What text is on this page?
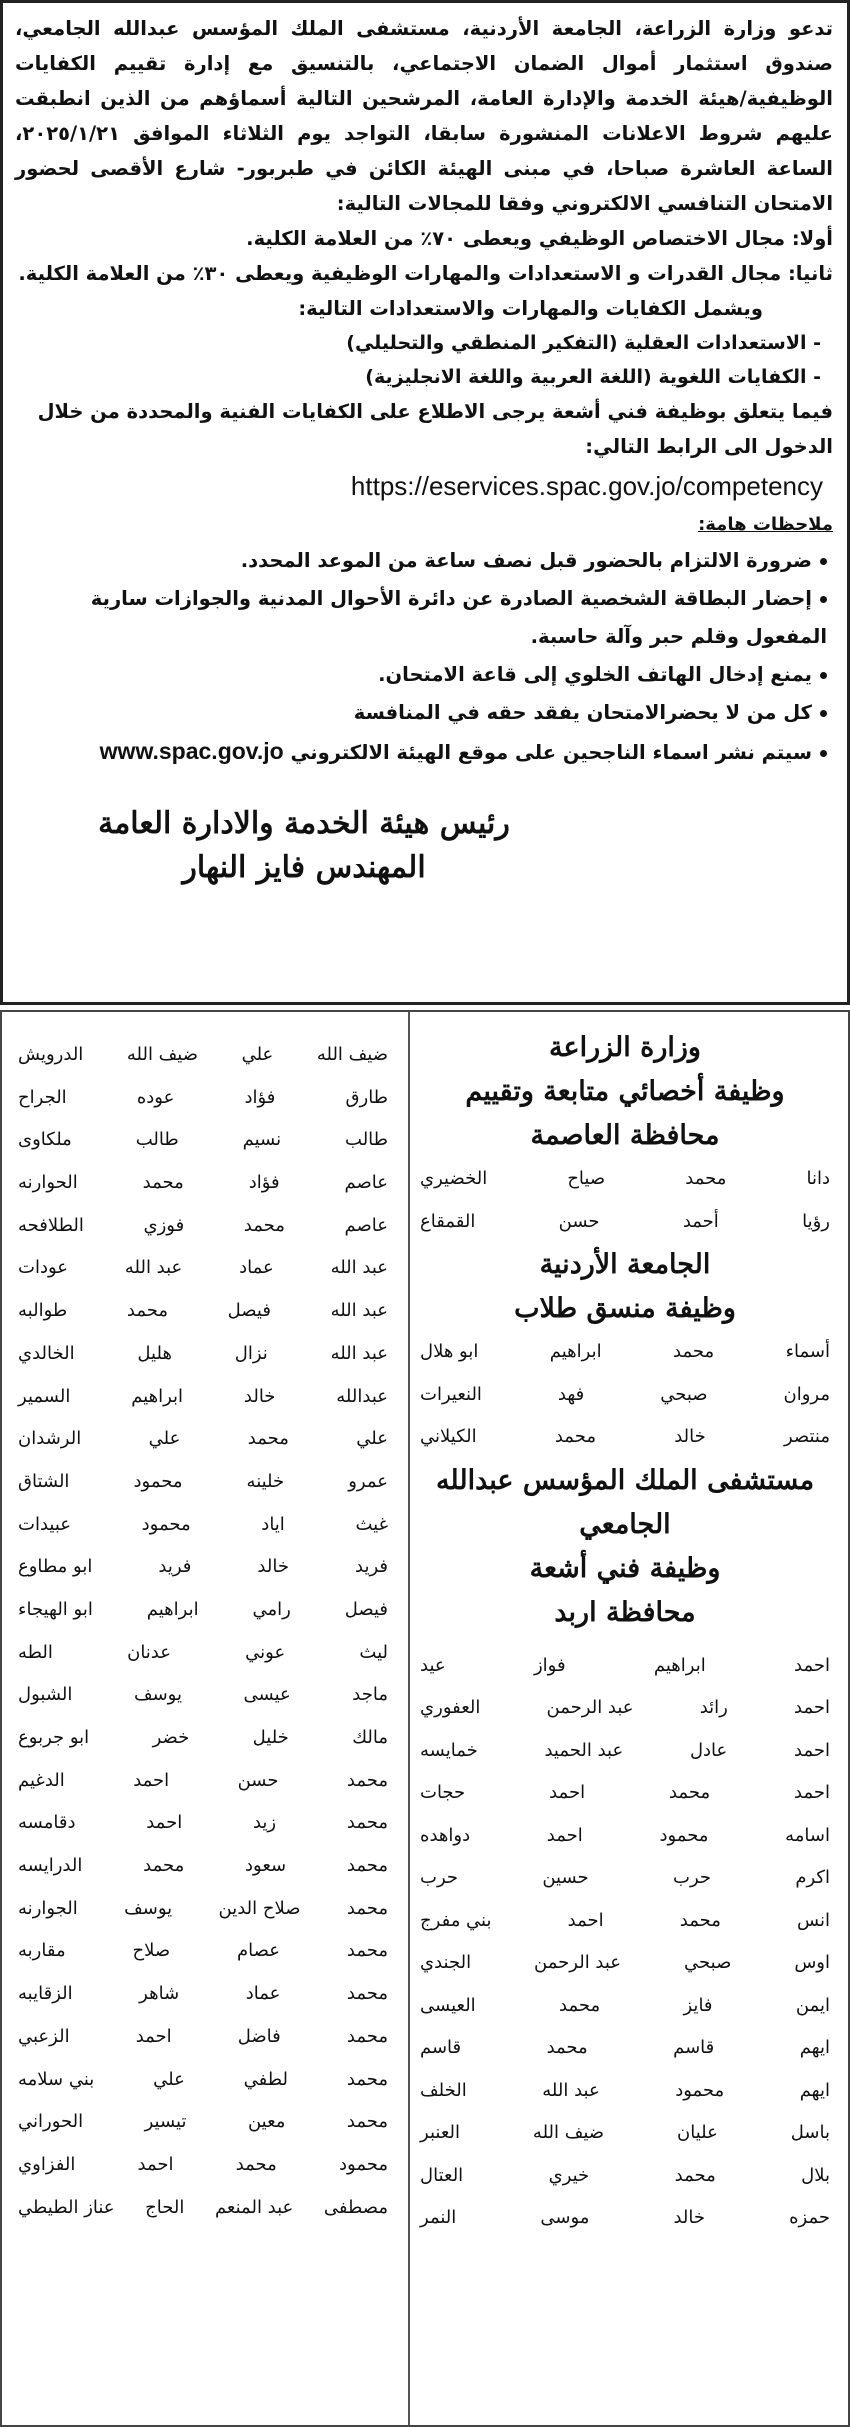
تدعو وزارة الزراعة، الجامعة الأردنية، مستشفى الملك المؤسس عبدالله الجامعي، صندوق استثمار أموال الضمان الاجتماعي، بالتنسيق مع إدارة تقييم الكفايات الوظيفية/هيئة الخدمة والإدارة العامة، المرشحين التالية أسماؤهم من الذين انطبقت عليهم شروط الاعلانات المنشورة سابقا، التواجد يوم الثلاثاء الموافق ٢٠٢٥/١/٢١، الساعة العاشرة صباحا، في مبنى الهيئة الكائن في طبربور- شارع الأقصى لحضور الامتحان التنافسي الالكتروني وفقا للمجالات التالية:

أولا: مجال الاختصاص الوظيفي ويعطى ٧٠٪ من العلامة الكلية.

ثانيا: مجال القدرات و الاستعدادات والمهارات الوظيفية ويعطى ٣٠٪ من العلامة الكلية.

ويشمل الكفايات والمهارات والاستعدادات التالية:

- الاستعدادات العقلية (التفكير المنطقي والتحليلي)

- الكفايات اللغوية (اللغة العربية واللغة الانجليزية)

فيما يتعلق بوظيفة فني أشعة يرجى الاطلاع على الكفايات الفنية والمحددة من خلال الدخول الى الرابط التالي:

https://eservices.spac.gov.jo/competency

ملاحظات هامة:

ضرورة الالتزام بالحضور قبل نصف ساعة من الموعد المحدد.

إحضار البطاقة الشخصية الصادرة عن دائرة الأحوال المدنية والجوازات سارية المفعول وقلم حبر وآلة حاسبة.

يمنع إدخال الهاتف الخلوي إلى قاعة الامتحان.

كل من لا يحضرالامتحان يفقد حقه في المنافسة

سيتم نشر اسماء الناجحين على موقع الهيئة الالكتروني www.spac.gov.jo

رئيس هيئة الخدمة والادارة العامة
المهندس فايز النهار
وزارة الزراعة
وظيفة أخصائي متابعة وتقييم
محافظة العاصمة
دانا
محمد
صياح
الخضيري
رؤيا
أحمد
حسن
القمقاع
الجامعة الأردنية
وظيفة منسق طلاب
أسماء
محمد
ابراهيم
ابو هلال
مروان
صبحي
فهد
النعيرات
منتصر
خالد
محمد
الكيلاني
مستشفى الملك المؤسس عبدالله
الجامعي
وظيفة فني أشعة
محافظة اربد
احمد
ابراهيم
فواز
عيد
احمد
رائد
عبد الرحمن
العفوري
احمد
عادل
عبد الحميد
خمايسه
احمد
محمد
احمد
حجات
اسامه
محمود
احمد
دواهده
اكرم
حرب
حسين
حرب
انس
محمد
احمد
بني مفرج
اوس
صبحي
عبد الرحمن
الجندي
ايمن
فايز
محمد
العيسى
ايهم
قاسم
محمد
قاسم
ايهم
محمود
عبد الله
الخلف
باسل
عليان
ضيف الله
العنبر
بلال
محمد
خيري
العتال
حمزه
خالد
موسى
النمر
ضيف الله
علي
ضيف الله
الدرويش
طارق
فؤاد
عوده
الجراح
طالب
نسيم
طالب
ملكاوى
عاصم
فؤاد
محمد
الحوارنه
عاصم
محمد
فوزي
الطلافحه
عبد الله
عماد
عبد الله
عودات
عبد الله
فيصل
محمد
طوالبه
عبد الله
نزال
هليل
الخالدي
عبدالله
خالد
ابراهيم
السمير
علي
محمد
علي
الرشدان
عمرو
خلينه
محمود
الشتاق
غيث
اياد
محمود
عبيدات
فريد
خالد
فريد
ابو مطاوع
فيصل
رامي
ابراهيم
ابو الهيجاء
ليث
عوني
عدنان
الطه
ماجد
عيسى
يوسف
الشبول
مالك
خليل
خضر
ابو جربوع
محمد
حسن
احمد
الدغيم
محمد
زيد
احمد
دقامسه
محمد
سعود
محمد
الدرايسه
محمد
صلاح الدين
يوسف
الجوارنه
محمد
عصام
صلاح
مقاربه
محمد
عماد
شاهر
الزقايبه
محمد
فاضل
احمد
الزعبي
محمد
لطفي
علي
بني سلامه
محمد
معين
تيسير
الحوراني
محمود
محمد
احمد
الفزاوي
مصطفى
عبد المنعم
الحاج
عناز الطيطي
